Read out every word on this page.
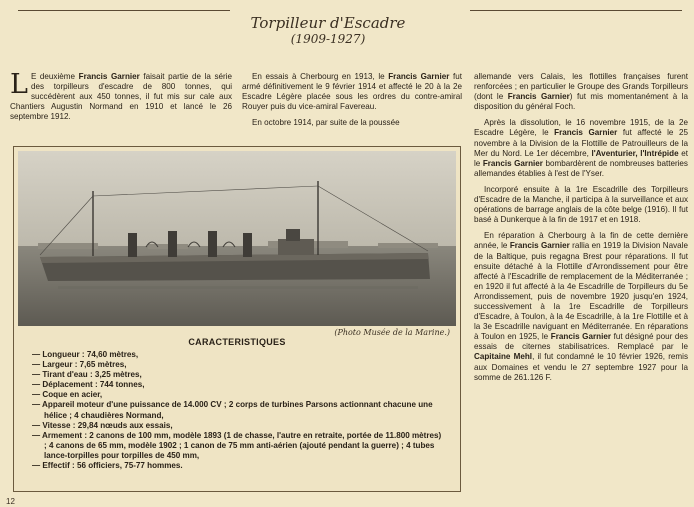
Torpilleur d'Escadre
(1909-1927)

L E deuxième Francis Garnier faisait partie de la série des torpilleurs d'escadre de 800 tonnes, qui succédèrent aux 450 tonnes, il fut mis sur cale aux Chantiers Augustin Normand en 1910 et lancé le 26 septembre 1912.

En essais à Cherbourg en 1913, le Francis Garnier fut armé définitivement le 9 février 1914 et affecté le 20 à la 2e Escadre Légère placée sous les ordres du contre-amiral Rouyer puis du vice-amiral Favereau.

En octobre 1914, par suite de la poussée

allemande vers Calais, les flottilles françaises furent renforcées ; en particulier le Groupe des Grands Torpilleurs (dont le Francis Garnier) fut mis momentanément à la disposition du général Foch.

Après la dissolution, le 16 novembre 1915, de la 2e Escadre Légère, le Francis Garnier fut affecté le 25 novembre à la Division de la Flottille de Patrouilleurs de la Mer du Nord. Le 1er décembre, l'Aventurier, l'Intrépide et le Francis Garnier bombardèrent de nombreuses batteries allemandes établies à l'est de l'Yser.

Incorporé ensuite à la 1re Escadrille des Torpilleurs d'Escadre de la Manche, il participa à la surveillance et aux opérations de barrage anglais de la côte belge (1916). Il fut basé à Dunkerque à la fin de 1917 et en 1918.

En réparation à Cherbourg à la fin de cette dernière année, le Francis Garnier rallia en 1919 la Division Navale de la Baltique, puis regagna Brest pour réparations. Il fut ensuite détaché à la Flottille d'Arrondissement pour être affecté à l'Escadrille de remplacement de la Méditerranée ; en 1920 il fut affecté à la 4e Escadrille de Torpilleurs du 5e Arrondissement, puis de novembre 1920 jusqu'en 1924, successivement à la 1re Escadrille de Torpilleurs d'Escadre, à Toulon, à la 4e Escadrille, à la 1re Flottille et à la 3e Escadrille naviguant en Méditerranée. En réparations à Toulon en 1925, le Francis Garnier fut désigné pour des essais de citernes stabilisatrices. Remplacé par le Capitaine Mehl, il fut condamné le 10 février 1926, remis aux Domaines et vendu le 27 septembre 1927 pour la somme de 261.126 F.

(Photo Musée de la Marine.)
CARACTERISTIQUES
— Longueur : 74,60 mètres,
— Largeur : 7,65 mètres,
— Tirant d'eau : 3,25 mètres,
— Déplacement : 744 tonnes,
— Coque en acier,
— Appareil moteur d'une puissance de 14.000 CV ; 2 corps de turbines Parsons actionnant chacune une hélice ; 4 chaudières Normand,
— Vitesse : 29,84 nœuds aux essais,
— Armement : 2 canons de 100 mm, modèle 1893 (1 de chasse, l'autre en retraite, portée de 11.800 mètres) ; 4 canons de 65 mm, modèle 1902 ; 1 canon de 75 mm anti-aérien (ajouté pendant la guerre) ; 4 tubes lance-torpilles pour torpilles de 450 mm,
— Effectif : 56 officiers, 75-77 hommes.
12
